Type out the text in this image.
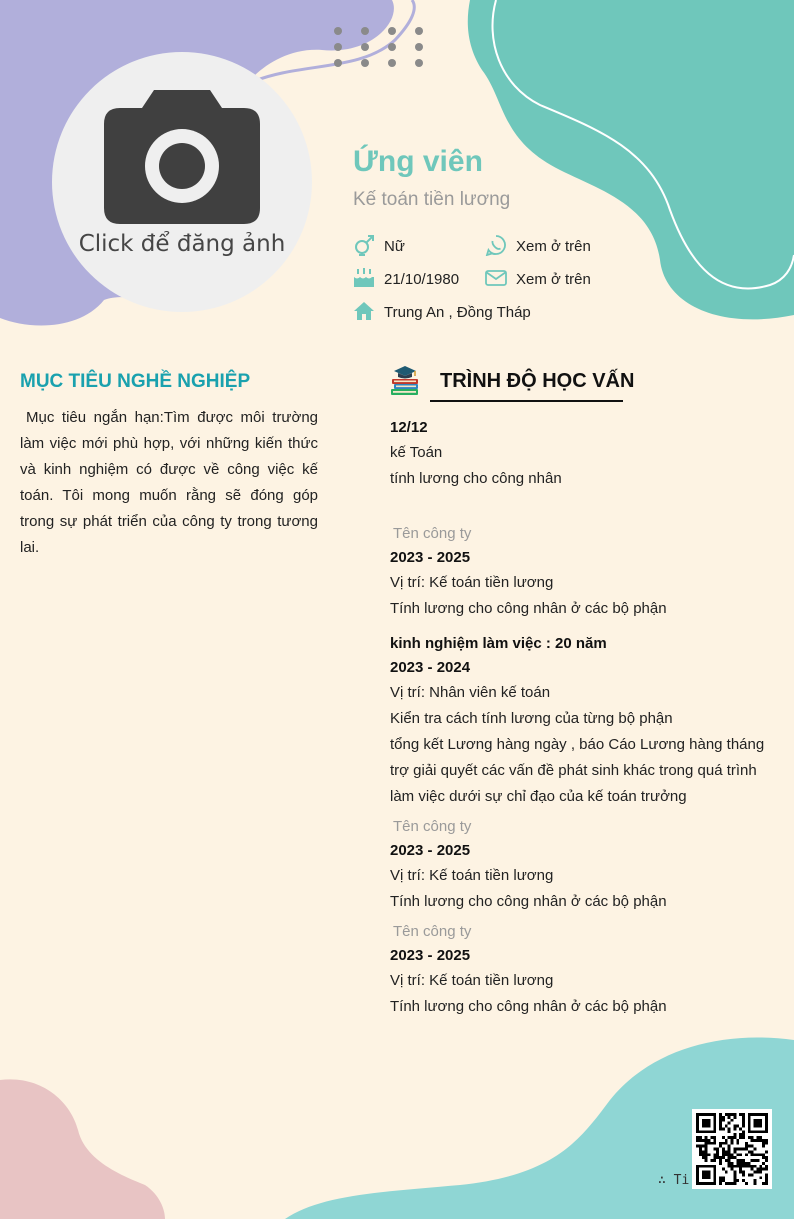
Click để đăng ảnh
Ứng viên
Kế toán tiền lương
Nữ	Xem ở trên
21/10/1980	Xem ở trên
Trung An , Đồng Tháp
MỤC TIÊU NGHỀ NGHIỆP
Mục tiêu ngắn hạn:Tìm được môi trường làm việc mới phù hợp, với những kiến thức và kinh nghiệm có được về công việc kế toán. Tôi mong muốn rằng sẽ đóng góp trong sự phát triển của công ty trong tương lai.
TRÌNH ĐỘ HỌC VẤN
12/12
kế Toán
tính lương cho công nhân
Tên công ty
2023 - 2025
Vị trí: Kế toán tiền lương
Tính lương cho công nhân ở các bộ phận
kinh nghiệm làm việc : 20 năm
2023 - 2024
Vị trí: Nhân viên kế toán
Kiển tra cách tính lương của từng bộ phận
tổng kết Lương hàng ngày , báo Cáo Lương hàng tháng
trợ giải quyết các vấn đề phát sinh khác trong quá trình
làm việc dưới sự chỉ đạo của kế toán trưởng
Tên công ty
2023 - 2025
Vị trí: Kế toán tiền lương
Tính lương cho công nhân ở các bộ phận
Tên công ty
2023 - 2025
Vị trí: Kế toán tiền lương
Tính lương cho công nhân ở các bộ phận
∴ Ti
